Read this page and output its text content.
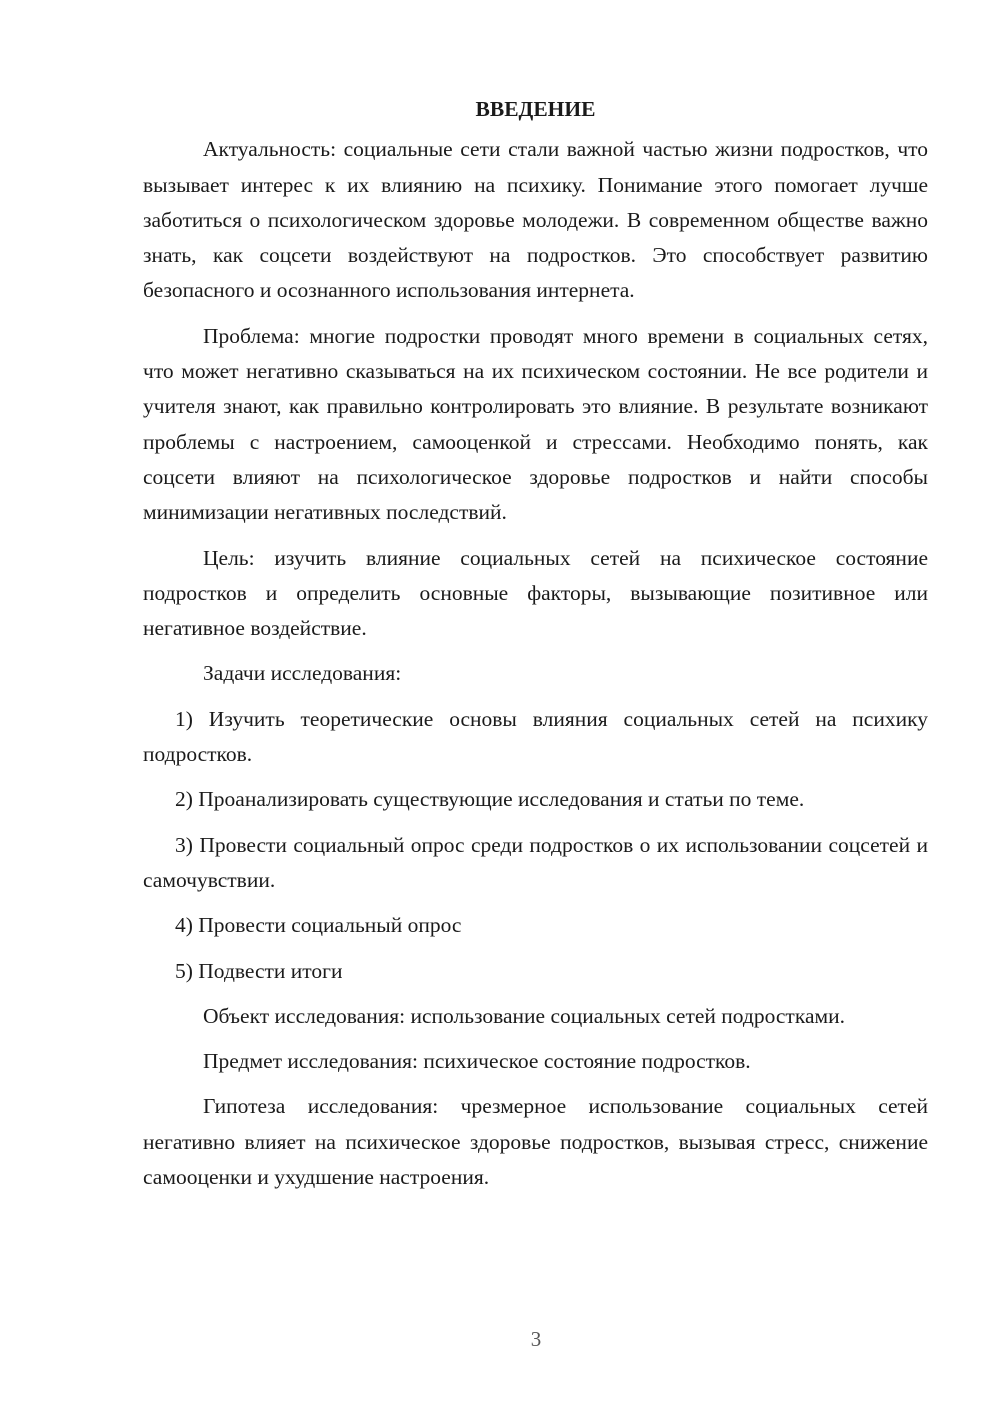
ВВЕДЕНИЕ

Актуальность: социальные сети стали важной частью жизни подростков, что вызывает интерес к их влиянию на психику. Понимание этого помогает лучше заботиться о психологическом здоровье молодежи. В современном обществе важно знать, как соцсети воздействуют на подростков. Это способствует развитию безопасного и осознанного использования интернета.

Проблема: многие подростки проводят много времени в социальных сетях, что может негативно сказываться на их психическом состоянии. Не все родители и учителя знают, как правильно контролировать это влияние. В результате возникают проблемы с настроением, самооценкой и стрессами. Необходимо понять, как соцсети влияют на психологическое здоровье подростков и найти способы минимизации негативных последствий.

Цель: изучить влияние социальных сетей на психическое состояние подростков и определить основные факторы, вызывающие позитивное или негативное воздействие.

Задачи исследования:

1) Изучить теоретические основы влияния социальных сетей на психику подростков.

2) Проанализировать существующие исследования и статьи по теме.

3) Провести социальный опрос среди подростков о их использовании соцсетей и самочувствии.

4) Провести социальный опрос

5) Подвести итоги

Объект исследования: использование социальных сетей подростками.

Предмет исследования: психическое состояние подростков.

Гипотеза исследования: чрезмерное использование социальных сетей негативно влияет на психическое здоровье подростков, вызывая стресс, снижение самооценки и ухудшение настроения.

3
